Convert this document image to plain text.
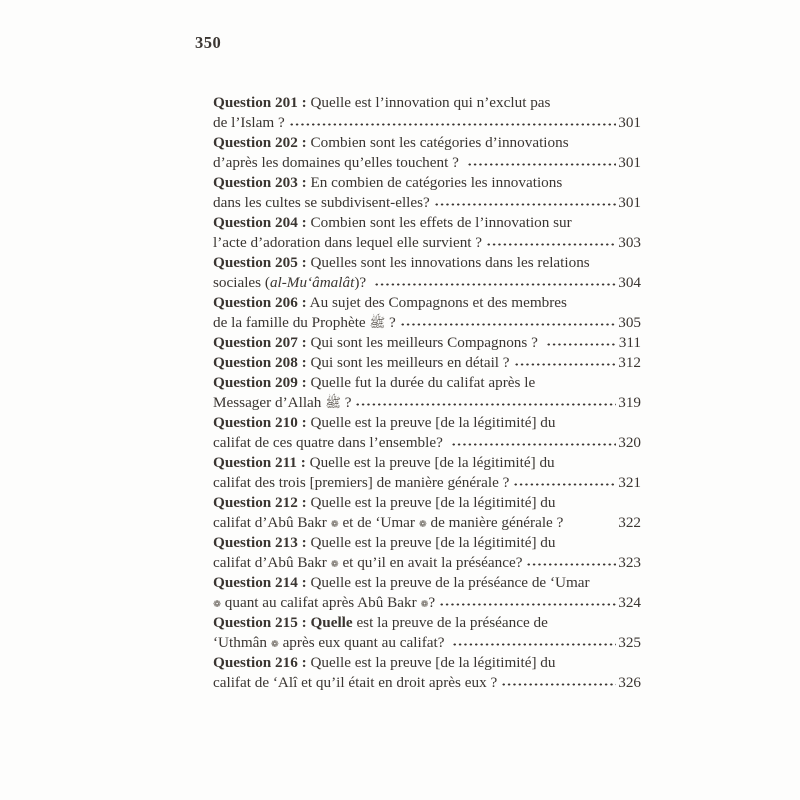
350
Question 201 : Quelle est l’innovation qui n’exclut pas
de l’Islam ?	301
Question 202 : Combien sont les catégories d’innovations
d’après les domaines qu’elles touchent ?	301
Question 203 : En combien de catégories les innovations
dans les cultes se subdivisent-elles?	301
Question 204 : Combien sont les effets de l’innovation sur
l’acte d’adoration dans lequel elle survient ?	303
Question 205 : Quelles sont les innovations dans les relations
sociales ( al-Mu‘âmalât )?	304
Question 206 : Au sujet des Compagnons et des membres
de la famille du Prophète ﷺ ?	305
Question 207 : Qui sont les meilleurs Compagnons ?	311
Question 208 : Qui sont les meilleurs en détail ?	312
Question 209 : Quelle fut la durée du califat après le
Messager d’Allah ﷺ ?	319
Question 210 : Quelle est la preuve [de la légitimité] du
califat de ces quatre dans l’ensemble?	320
Question 211 : Quelle est la preuve [de la légitimité] du
califat des trois [premiers] de manière générale ?	321
Question 212 : Quelle est la preuve [de la légitimité] du
califat d’Abû Bakr ❁ et de ‘Umar ❁ de manière générale ?	322
Question 213 : Quelle est la preuve [de la légitimité] du
califat d’Abû Bakr ❁ et qu’il en avait la préséance?	323
Question 214 : Quelle est la preuve de la préséance de ‘Umar
❁ quant au califat après Abû Bakr ❁ ?	324
Question 215 : Quelle est la preuve de la préséance de
‘Uthmân ❁ après eux quant au califat?	325
Question 216 : Quelle est la preuve [de la légitimité] du
califat de ‘Alî et qu’il était en droit après eux ?	326
